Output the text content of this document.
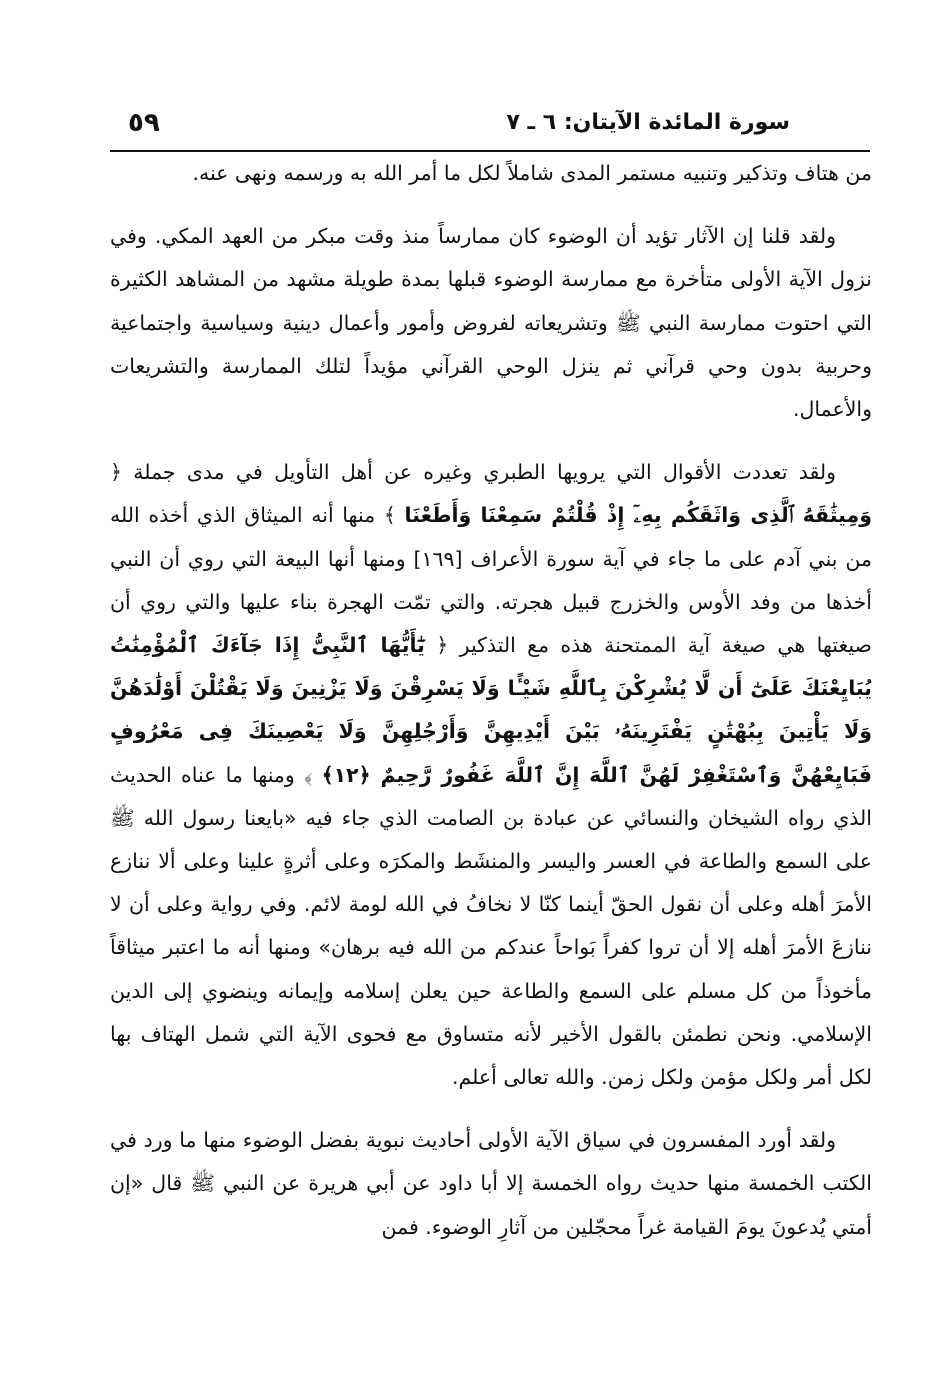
سورة المائدة الآيتان: ٦ ـ ٧
٥٩

من هتاف وتذكير وتنبيه مستمر المدى شاملاً لكل ما أمر الله به ورسمه ونهى عنه.

ولقد قلنا إن الآثار تؤيد أن الوضوء كان ممارساً منذ وقت مبكر من العهد المكي. وفي نزول الآية الأولى متأخرة مع ممارسة الوضوء قبلها بمدة طويلة مشهد من المشاهد الكثيرة التي احتوت ممارسة النبي ﷺ وتشريعاته لفروض وأمور وأعمال دينية وسياسية واجتماعية وحربية بدون وحي قرآني ثم ينزل الوحي القرآني مؤيداً لتلك الممارسة والتشريعات والأعمال.

ولقد تعددت الأقوال التي يرويها الطبري وغيره عن أهل التأويل في مدى جملة ﴿ وَمِيثَٰقَهُ ٱلَّذِى وَاثَقَكُم بِهِۦٓ إِذْ قُلْتُمْ سَمِعْنَا وَأَطَعْنَا ﴾ منها أنه الميثاق الذي أخذه الله من بني آدم على ما جاء في آية سورة الأعراف [١٦٩] ومنها أنها البيعة التي روي أن النبي أخذها من وفد الأوس والخزرج قبيل هجرته. والتي تمّت الهجرة بناء عليها والتي روي أن صيغتها هي صيغة آية الممتحنة هذه مع التذكير ﴿ يَٰٓأَيُّهَا ٱلنَّبِىُّ إِذَا جَآءَكَ ٱلْمُؤْمِنَٰتُ يُبَايِعْنَكَ عَلَىٰٓ أَن لَّا يُشْرِكْنَ بِٱللَّهِ شَيْـًٔا وَلَا يَسْرِقْنَ وَلَا يَزْنِينَ وَلَا يَقْتُلْنَ أَوْلَٰدَهُنَّ وَلَا يَأْتِينَ بِبُهْتَٰنٍ يَفْتَرِينَهُۥ بَيْنَ أَيْدِيهِنَّ وَأَرْجُلِهِنَّ وَلَا يَعْصِينَكَ فِى مَعْرُوفٍ فَبَايِعْهُنَّ وَٱسْتَغْفِرْ لَهُنَّ ٱللَّهَ إِنَّ ٱللَّهَ غَفُورٌ رَّحِيمٌ ﴿١٢﴾ ﴾ ومنها ما عناه الحديث الذي رواه الشيخان والنسائي عن عبادة بن الصامت الذي جاء فيه «بايعنا رسول الله ﷺ على السمع والطاعة في العسر واليسر والمنشَط والمكرَه وعلى أثرةٍ علينا وعلى ألا ننازع الأمرَ أهله وعلى أن نقول الحقّ أينما كنّا لا نخافُ في الله لومة لائم. وفي رواية وعلى أن لا ننازعَ الأمرَ أهله إلا أن تروا كفراً بَواحاً عندكم من الله فيه برهان» ومنها أنه ما اعتبر ميثاقاً مأخوذاً من كل مسلم على السمع والطاعة حين يعلن إسلامه وإيمانه وينضوي إلى الدين الإسلامي. ونحن نطمئن بالقول الأخير لأنه متساوق مع فحوى الآية التي شمل الهتاف بها لكل أمر ولكل مؤمن ولكل زمن. والله تعالى أعلم.

ولقد أورد المفسرون في سياق الآية الأولى أحاديث نبوية بفضل الوضوء منها ما ورد في الكتب الخمسة منها حديث رواه الخمسة إلا أبا داود عن أبي هريرة عن النبي ﷺ قال «إن أمتي يُدعونَ يومَ القيامة غراً محجّلين من آثارِ الوضوء. فمن
